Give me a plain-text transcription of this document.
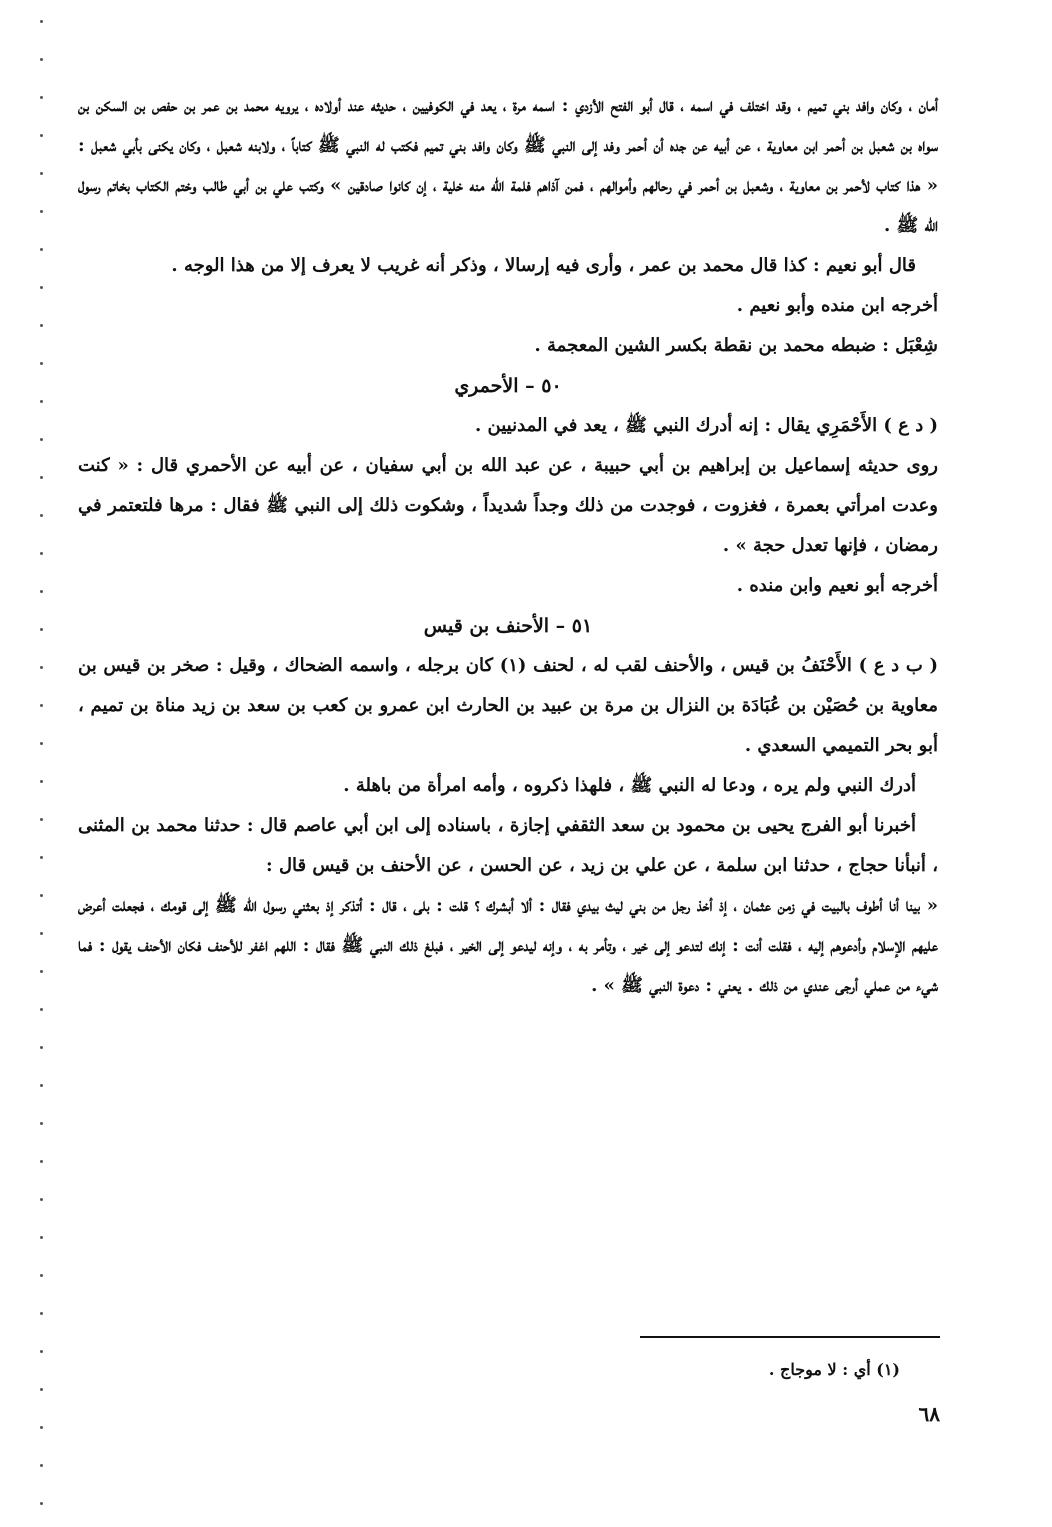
أمان ، وكان وافد بني تميم ، وقد اختلف في اسمه ، قال أبو الفتح الأزدي : اسمه مرة ، يعد في الكوفيين ، حديثه عند أولاده ، يرويه محمد بن عمر بن حفص بن السكن بن سواه بن شعبل بن أحمر ابن معاوية ، عن أبيه عن جده أن أحمر وفد إلى النبي ﷺ وكان وافد بني تميم فكتب له النبي ﷺ كتاباً ، ولابنه شعبل ، وكان يكنى بأبي شعبل : « هذا كتاب لأحمر بن معاوية ، وشعبل بن أحمر في رحالهم وأموالهم ، فمن آذاهم فلمة الله منه خلية ، إن كانوا صادقين » وكتب علي بن أبي طالب وختم الكتاب بخاتم رسول الله ﷺ .

قال أبو نعيم : كذا قال محمد بن عمر ، وأرى فيه إرسالا ، وذكر أنه غريب لا يعرف إلا من هذا الوجه .

أخرجه ابن منده وأبو نعيم .

شِعْبَل : ضبطه محمد بن نقطة بكسر الشين المعجمة .

٥٠ – الأحمري

( د ع ) الأَحْمَرِي يقال : إنه أدرك النبي ﷺ ، يعد في المدنيين .

روى حديثه إسماعيل بن إبراهيم بن أبي حبيبة ، عن عبد الله بن أبي سفيان ، عن أبيه عن الأحمري قال : « كنت وعدت امرأتي بعمرة ، فغزوت ، فوجدت من ذلك وجداً شديداً ، وشكوت ذلك إلى النبي ﷺ فقال : مرها فلتعتمر في رمضان ، فإنها تعدل حجة » .

أخرجه أبو نعيم وابن منده .

٥١ – الأحنف بن قيس

( ب د ع ) الأَحْنَفُ بن قيس ، والأحنف لقب له ، لحنف (١) كان برجله ، واسمه الضحاك ، وقيل : صخر بن قيس بن معاوية بن حُصَيْن بن عُبَادَة بن النزال بن مرة بن عبيد بن الحارث ابن عمرو بن كعب بن سعد بن زيد مناة بن تميم ، أبو بحر التميمي السعدي .

أدرك النبي ولم يره ، ودعا له النبي ﷺ ، فلهذا ذكروه ، وأمه امرأة من باهلة .

أخبرنا أبو الفرج يحيى بن محمود بن سعد الثقفي إجازة ، باسناده إلى ابن أبي عاصم قال : حدثنا محمد بن المثنى ، أنبأنا حجاج ، حدثنا ابن سلمة ، عن علي بن زيد ، عن الحسن ، عن الأحنف بن قيس قال :

« بينا أنا أطوف بالبيت في زمن عثمان ، إذ أخذ رجل من بني ليث بيدي فقال : ألا أبشرك ؟ قلت : بلى ، قال : أتذكر إذ بعثني رسول الله ﷺ إلى قومك ، فجعلت أعرض عليهم الإسلام وأدعوهم إليه ، فقلت أنت : إنك لتدعو إلى خير ، وتأمر به ، وإنه ليدعو إلى الخير ، فبلغ ذلك النبي ﷺ فقال : اللهم اغفر للأحنف فكان الأحنف يقول : فما شيء من عملي أرجى عندي من ذلك . يعني : دعوة النبي ﷺ » .

(١) أي : لا موجاج .
٦٨
